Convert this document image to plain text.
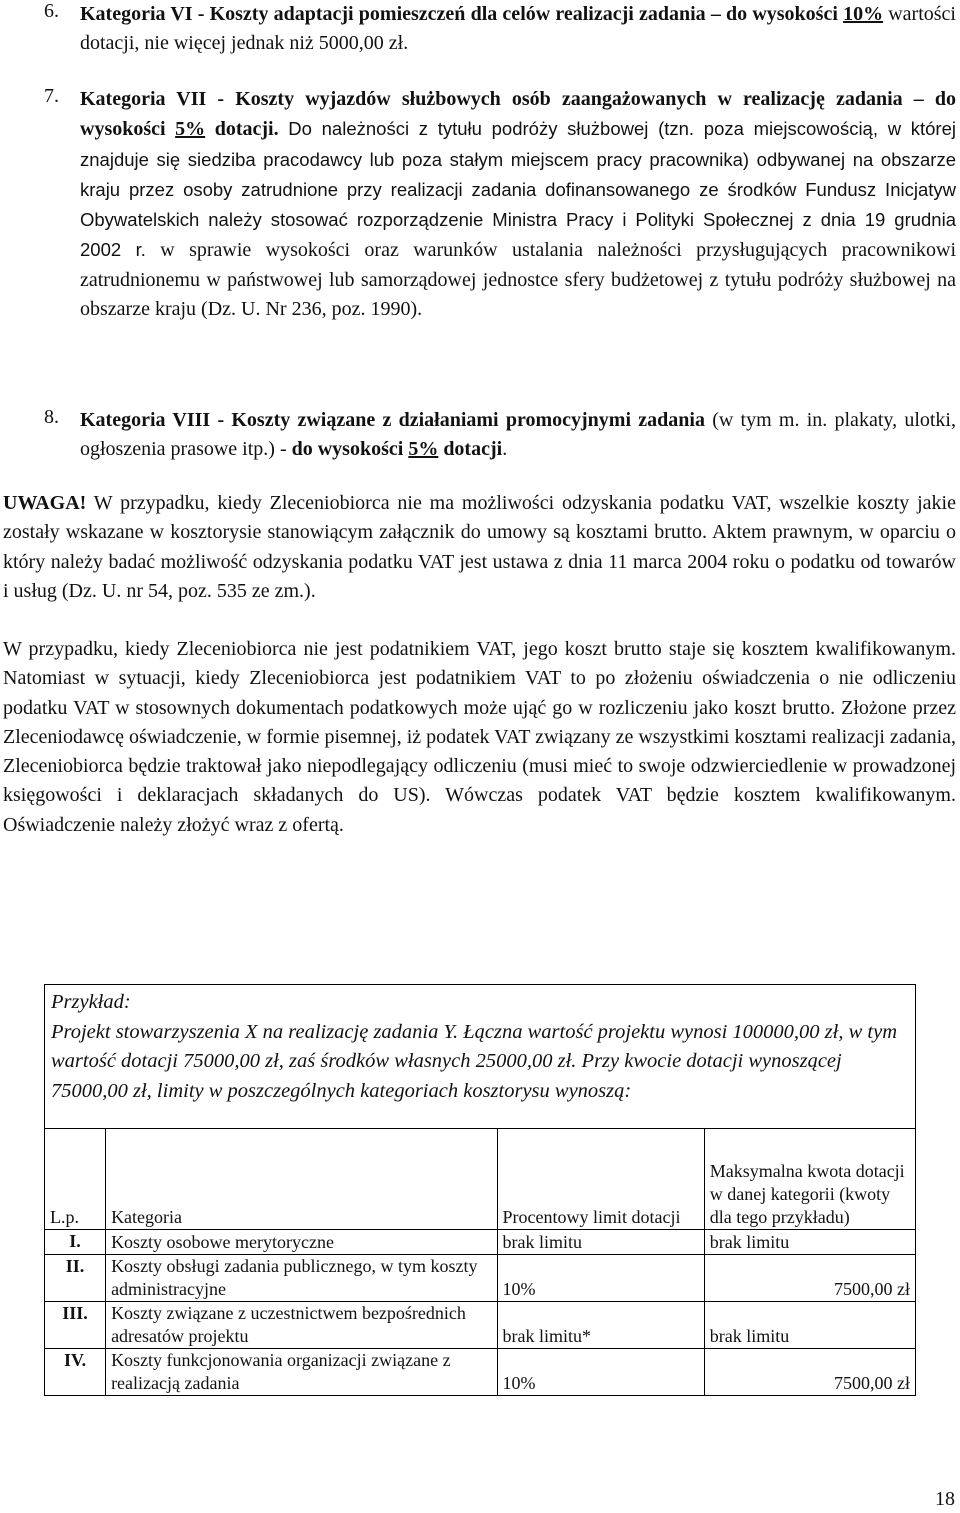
6. Kategoria VI - Koszty adaptacji pomieszczeń dla celów realizacji zadania – do wysokości 10% wartości dotacji, nie więcej jednak niż 5000,00 zł.
7. Kategoria VII - Koszty wyjazdów służbowych osób zaangażowanych w realizację zadania – do wysokości 5% dotacji. Do należności z tytułu podróży służbowej (tzn. poza miejscowością, w której znajduje się siedziba pracodawcy lub poza stałym miejscem pracy pracownika) odbywanej na obszarze kraju przez osoby zatrudnione przy realizacji zadania dofinansowanego ze środków Fundusz Inicjatyw Obywatelskich należy stosować rozporządzenie Ministra Pracy i Polityki Społecznej z dnia 19 grudnia 2002 r. w sprawie wysokości oraz warunków ustalania należności przysługujących pracownikowi zatrudnionemu w państwowej lub samorządowej jednostce sfery budżetowej z tytułu podróży służbowej na obszarze kraju (Dz. U. Nr 236, poz. 1990).
8. Kategoria VIII - Koszty związane z działaniami promocyjnymi zadania (w tym m. in. plakaty, ulotki, ogłoszenia prasowe itp.) - do wysokości 5% dotacji.
UWAGA! W przypadku, kiedy Zleceniobiorca nie ma możliwości odzyskania podatku VAT, wszelkie koszty jakie zostały wskazane w kosztorysie stanowiącym załącznik do umowy są kosztami brutto. Aktem prawnym, w oparciu o który należy badać możliwość odzyskania podatku VAT jest ustawa z dnia 11 marca 2004 roku o podatku od towarów i usług (Dz. U. nr 54, poz. 535 ze zm.).
W przypadku, kiedy Zleceniobiorca nie jest podatnikiem VAT, jego koszt brutto staje się kosztem kwalifikowanym. Natomiast w sytuacji, kiedy Zleceniobiorca jest podatnikiem VAT to po złożeniu oświadczenia o nie odliczeniu podatku VAT w stosownych dokumentach podatkowych może ująć go w rozliczeniu jako koszt brutto. Złożone przez Zleceniodawcę oświadczenie, w formie pisemnej, iż podatek VAT związany ze wszystkimi kosztami realizacji zadania, Zleceniobiorca będzie traktował jako niepodlegający odliczeniu (musi mieć to swoje odzwierciedlenie w prowadzonej księgowości i deklaracjach składanych do US). Wówczas podatek VAT będzie kosztem kwalifikowanym. Oświadczenie należy złożyć wraz z ofertą.
Przykład:
Projekt stowarzyszenia X na realizację zadania Y. Łączna wartość projektu wynosi 100000,00 zł, w tym wartość dotacji 75000,00 zł, zaś środków własnych 25000,00 zł. Przy kwocie dotacji wynoszącej 75000,00 zł, limity w poszczególnych kategoriach kosztorysu wynoszą:
L.p.	Kategoria	Procentowy limit dotacji	Maksymalna kwota dotacji w danej kategorii (kwoty dla tego przykładu)
I.	Koszty osobowe merytoryczne	brak limitu	brak limitu
II.	Koszty obsługi zadania publicznego, w tym koszty administracyjne	10%	7500,00 zł
III.	Koszty związane z uczestnictwem bezpośrednich adresatów projektu	brak limitu*	brak limitu
IV.	Koszty funkcjonowania organizacji związane z realizacją zadania	10%	7500,00 zł
18
